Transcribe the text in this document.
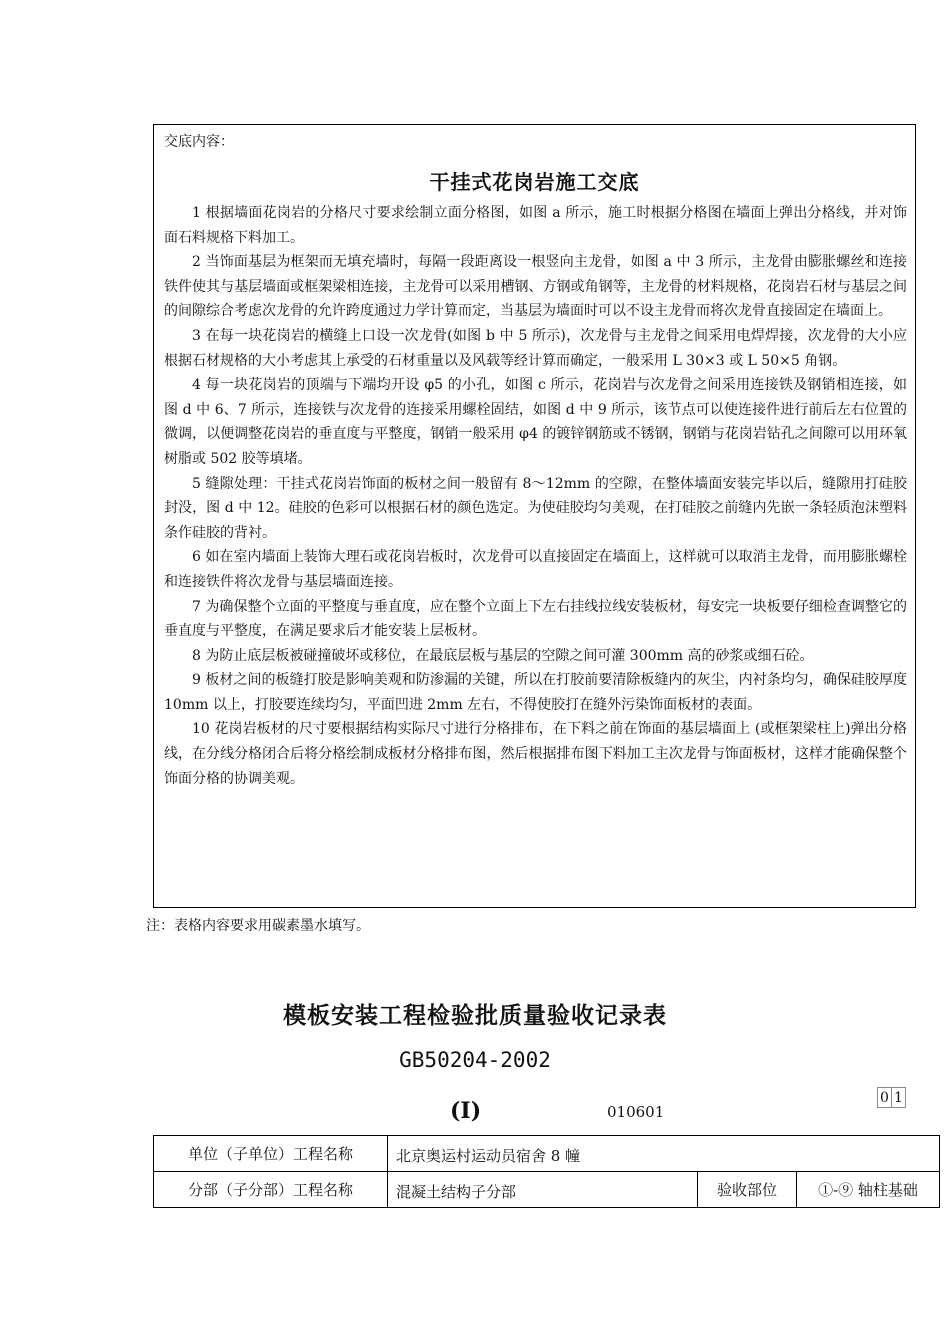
交底内容：
干挂式花岗岩施工交底

1 根据墙面花岗岩的分格尺寸要求绘制立面分格图，如图 a 所示，施工时根据分格图在墙面上弹出分格线，并对饰面石料规格下料加工。

2 当饰面基层为框架而无填充墙时，每隔一段距离设一根竖向主龙骨，如图 a 中 3 所示，主龙骨由膨胀螺丝和连接铁件使其与基层墙面或框架梁相连接，主龙骨可以采用槽钢、方钢或角钢等，主龙骨的材料规格，花岗岩石材与基层之间的间隙综合考虑次龙骨的允许跨度通过力学计算而定，当基层为墙面时可以不设主龙骨而将次龙骨直接固定在墙面上。

3 在每一块花岗岩的横缝上口设一次龙骨(如图 b 中 5 所示)，次龙骨与主龙骨之间采用电焊焊接，次龙骨的大小应根据石材规格的大小考虑其上承受的石材重量以及风载等经计算而确定，一般采用 L 30×3 或 L 50×5 角钢。

4 每一块花岗岩的顶端与下端均开设 φ5 的小孔，如图 c 所示，花岗岩与次龙骨之间采用连接铁及钢销相连接，如图 d 中 6、7 所示，连接铁与次龙骨的连接采用螺栓固结，如图 d 中 9 所示，该节点可以使连接件进行前后左右位置的微调，以便调整花岗岩的垂直度与平整度，钢销一般采用 φ4 的镀锌钢筋或不锈钢，钢销与花岗岩钻孔之间隙可以用环氧树脂或 502 胶等填堵。

5 缝隙处理：干挂式花岗岩饰面的板材之间一般留有 8～12mm 的空隙，在整体墙面安装完毕以后，缝隙用打硅胶封没，图 d 中 12。硅胶的色彩可以根据石材的颜色选定。为使硅胶均匀美观，在打硅胶之前缝内先嵌一条轻质泡沫塑料条作硅胶的背衬。

6 如在室内墙面上装饰大理石或花岗岩板时，次龙骨可以直接固定在墙面上，这样就可以取消主龙骨，而用膨胀螺栓和连接铁件将次龙骨与基层墙面连接。

7 为确保整个立面的平整度与垂直度，应在整个立面上下左右挂线拉线安装板材，每安完一块板要仔细检查调整它的垂直度与平整度，在满足要求后才能安装上层板材。

8 为防止底层板被碰撞破坏或移位，在最底层板与基层的空隙之间可灌 300mm 高的砂浆或细石砼。

9 板材之间的板缝打胶是影响美观和防渗漏的关键，所以在打胶前要清除板缝内的灰尘，内衬条均匀，确保硅胶厚度 10mm 以上，打胶要连续均匀，平面凹进 2mm 左右，不得使胶打在缝外污染饰面板材的表面。

10 花岗岩板材的尺寸要根据结构实际尺寸进行分格排布，在下料之前在饰面的基层墙面上 (或框架梁柱上)弹出分格线，在分线分格闭合后将分格绘制成板材分格排布图，然后根据排布图下料加工主次龙骨与饰面板材，这样才能确保整个饰面分格的协调美观。

注：表格内容要求用碳素墨水填写。
模板安装工程检验批质量验收记录表
GB50204-2002
(Ⅰ)	010601
0 1
单位（子单位）工程名称	北京奥运村运动员宿舍 8 幢		

分部（子分部）工程名称	混凝土结构子分部	验收部位	①-⑨ 轴柱基础
